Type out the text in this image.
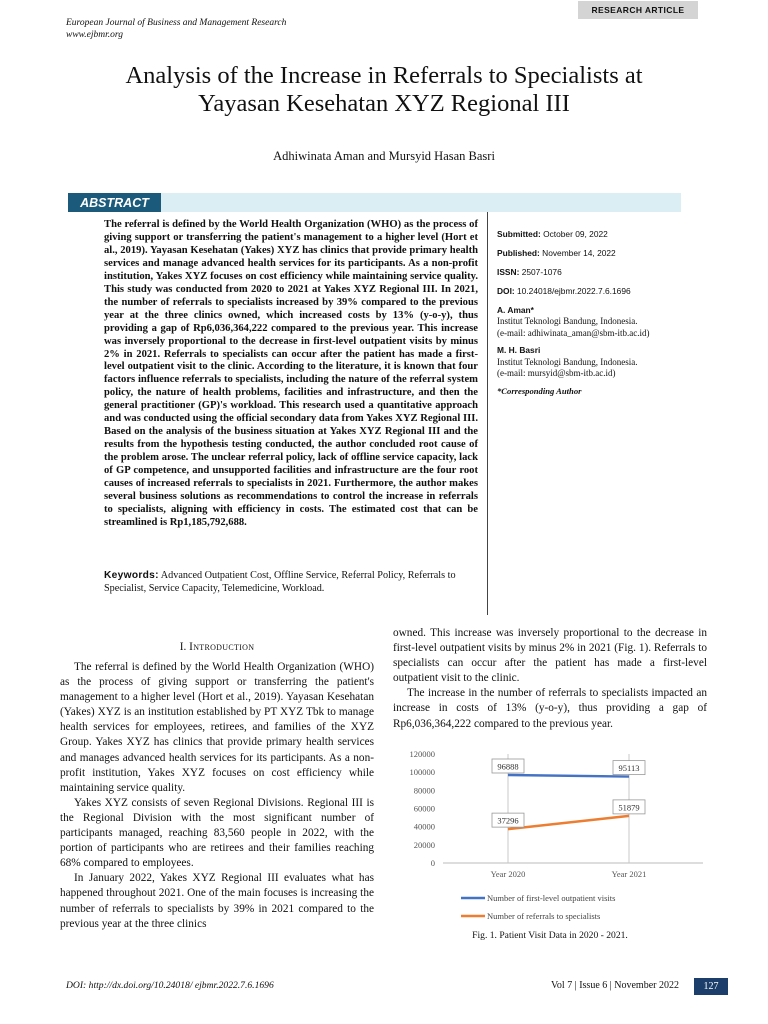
European Journal of Business and Management Research
www.ejbmr.org
RESEARCH ARTICLE
Analysis of the Increase in Referrals to Specialists at
Yayasan Kesehatan XYZ Regional III
Adhiwinata Aman and Mursyid Hasan Basri
ABSTRACT
The referral is defined by the World Health Organization (WHO) as the process of giving support or transferring the patient's management to a higher level (Hort et al., 2019). Yayasan Kesehatan (Yakes) XYZ has clinics that provide primary health services and manage advanced health services for its participants. As a non-profit institution, Yakes XYZ focuses on cost efficiency while maintaining service quality. This study was conducted from 2020 to 2021 at Yakes XYZ Regional III. In 2021, the number of referrals to specialists increased by 39% compared to the previous year at the three clinics owned, which increased costs by 13% (y-o-y), thus providing a gap of Rp6,036,364,222 compared to the previous year. This increase was inversely proportional to the decrease in first-level outpatient visits by minus 2% in 2021. Referrals to specialists can occur after the patient has made a first-level outpatient visit to the clinic. According to the literature, it is known that four factors influence referrals to specialists, including the nature of the referral system policy, the nature of health problems, facilities and infrastructure, and then the general practitioner (GP)'s workload. This research used a quantitative approach and was conducted using the official secondary data from Yakes XYZ Regional III. Based on the analysis of the business situation at Yakes XYZ Regional III and the results from the hypothesis testing conducted, the author concluded root cause of the problem arose. The unclear referral policy, lack of offline service capacity, lack of GP competence, and unsupported facilities and infrastructure are the four root causes of increased referrals to specialists in 2021. Furthermore, the author makes several business solutions as recommendations to control the increase in referrals to specialists, aligning with efficiency in costs. The estimated cost that can be streamlined is Rp1,185,792,688.
Keywords: Advanced Outpatient Cost, Offline Service, Referral Policy, Referrals to Specialist, Service Capacity, Telemedicine, Workload.
Submitted: October 09, 2022
Published: November 14, 2022
ISSN: 2507-1076
DOI: 10.24018/ejbmr.2022.7.6.1696
A. Aman*
Institut Teknologi Bandung, Indonesia.
(e-mail: adhiwinata_aman@sbm-itb.ac.id)
M. H. Basri
Institut Teknologi Bandung, Indonesia.
(e-mail: mursyid@sbm-itb.ac.id)
*Corresponding Author
I. Introduction

The referral is defined by the World Health Organization (WHO) as the process of giving support or transferring the patient's management to a higher level (Hort et al., 2019). Yayasan Kesehatan (Yakes) XYZ is an institution established by PT XYZ Tbk to manage health services for employees, retirees, and families of the XYZ Group. Yakes XYZ has clinics that provide primary health services and manages advanced health services for its participants. As a non-profit institution, Yakes XYZ focuses on cost efficiency while maintaining service quality.

Yakes XYZ consists of seven Regional Divisions. Regional III is the Regional Division with the most significant number of participants managed, reaching 83,560 people in 2022, with the portion of participants who are retirees and their families reaching 68% compared to employees.

In January 2022, Yakes XYZ Regional III evaluates what has happened throughout 2021. One of the main focuses is increasing the number of referrals to specialists by 39% in 2021 compared to the previous year at the three clinics

owned. This increase was inversely proportional to the decrease in first-level outpatient visits by minus 2% in 2021 (Fig. 1). Referrals to specialists can occur after the patient has made a first-level outpatient visit to the clinic.

The increase in the number of referrals to specialists impacted an increase in costs of 13% (y-o-y), thus providing a gap of Rp6,036,364,222 compared to the previous year.

0
20000
40000
60000
80000
100000
120000
Year 2020	Year 2021
96888	95113
37296
51879
Number of first-level outpatient visits
Number of referrals to specialists
Fig. 1. Patient Visit Data in 2020 - 2021.
DOI: http://dx.doi.org/10.24018/ ejbmr.2022.7.6.1696	Vol 7 | Issue 6 | November 2022	127
